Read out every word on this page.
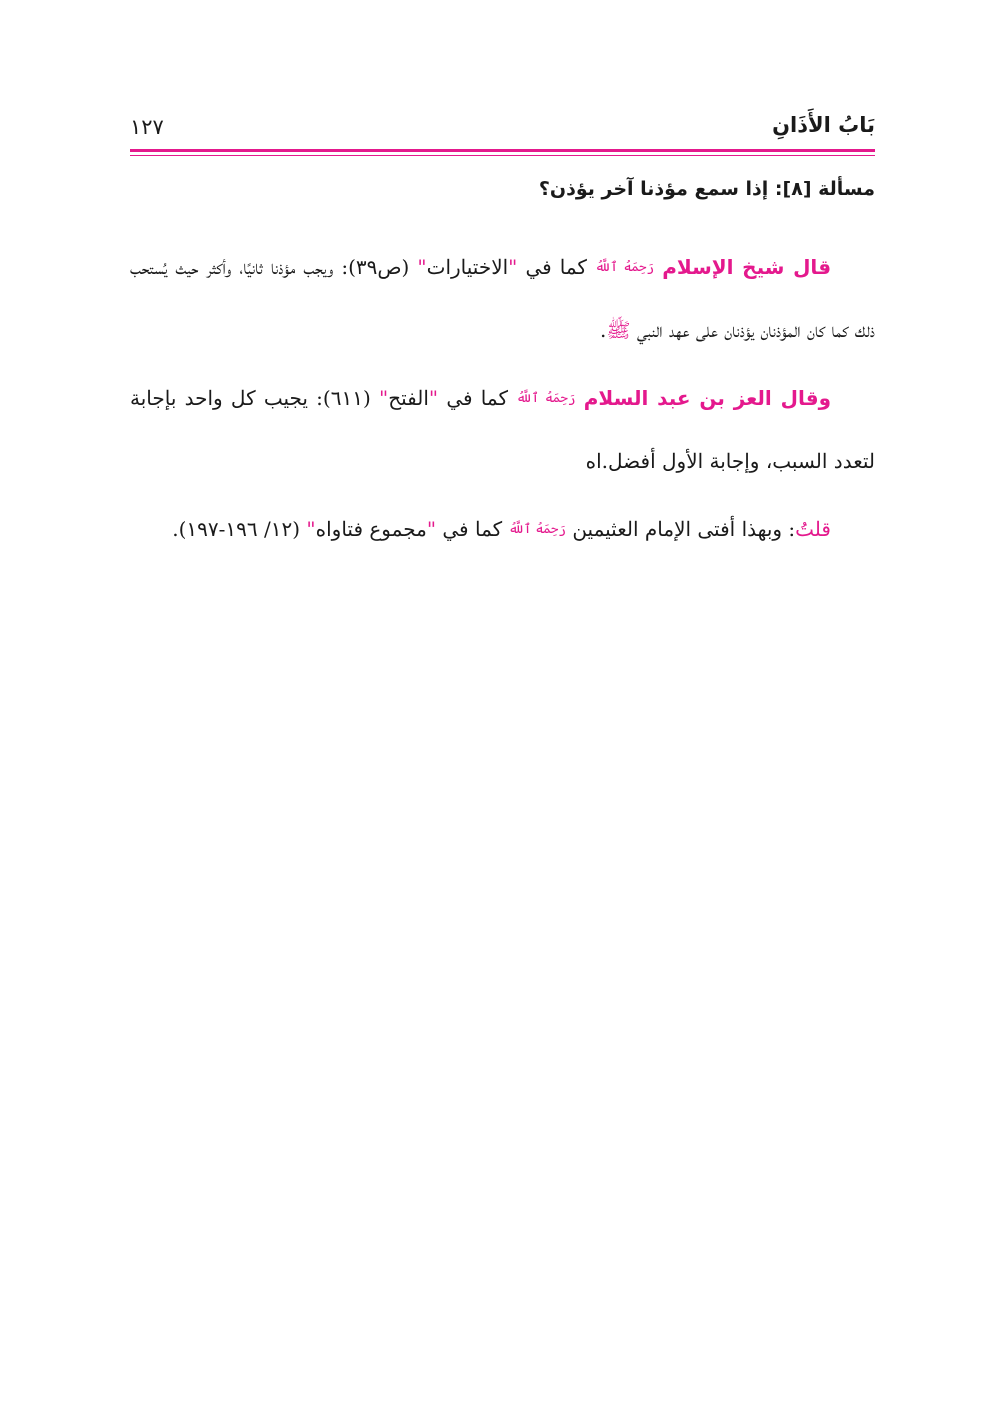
بَابُ الأَذَانِ
١٢٧
مسألة [٨]: إذا سمع مؤذنا آخر يؤذن؟

قال شيخ الإسلام رَحِمَهُ ٱللَّهُ كما في "الاختيارات" (ص٣٩): ويجب مؤذنا ثانيًا، وأكثر حيث يُستحب ذلك كما كان المؤذنان يؤذنان على عهد النبي ﷺ.

وقال العز بن عبد السلام رَحِمَهُ ٱللَّهُ كما في "الفتح" (٦١١): يجيب كل واحد بإجابة لتعدد السبب، وإجابة الأول أفضل.اه

قلتُ: وبهذا أفتى الإمام العثيمين رَحِمَهُ ٱللَّهُ كما في "مجموع فتاواه" (١٢/ ١٩٦-١٩٧).
